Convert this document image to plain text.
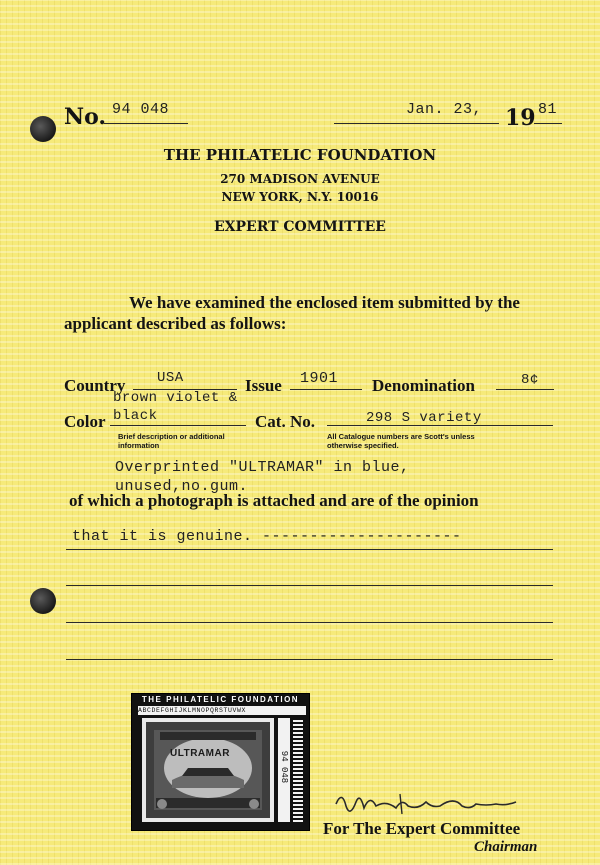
No. 94 048	Jan. 23, 19 81
THE PHILATELIC FOUNDATION
270 MADISON AVENUE
NEW YORK, N.Y. 10016
EXPERT COMMITTEE
We have examined the enclosed item submitted by the
applicant described as follows:
Country USA	Issue 1901 Denomination	8¢
brown violet &
Color black	Cat. No.	298 S variety
Brief description or additional
information
All Catalogue numbers are Scott's unless
otherwise specified.
Overprinted "ULTRAMAR" in blue,
unused,no.gum.
of which a photograph is attached and are of the opinion
that it is genuine. ---------------------
THE PHILATELIC FOUNDATION
ABCDEFGHIJKLMNOPQRSTUVWX
ULTRAMAR	94 048
For The Expert Committee
Chairman
